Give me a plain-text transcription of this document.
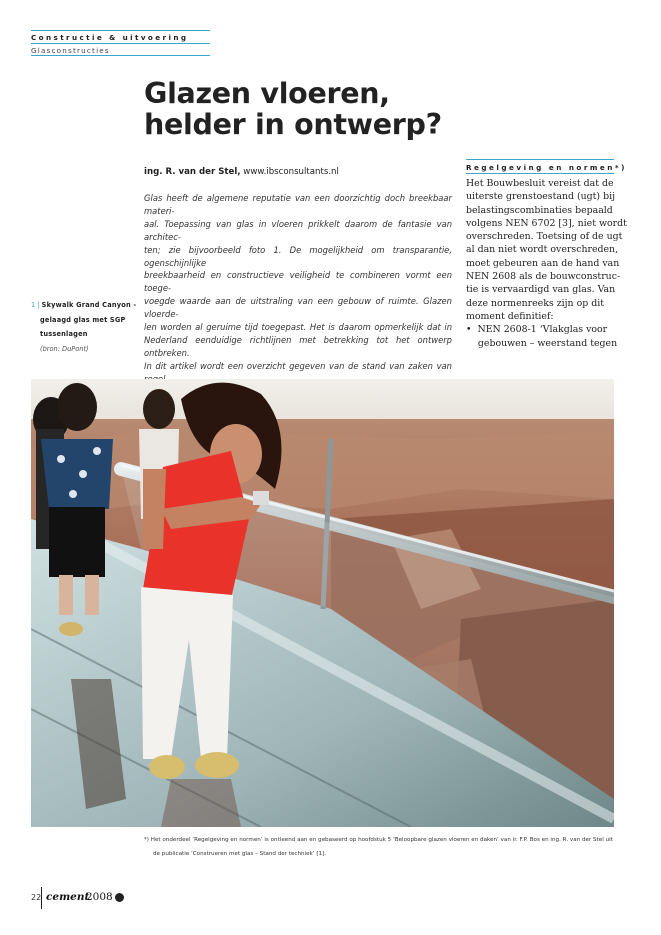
Constructie & uitvoering
Glasconstructies
Glazen vloeren,
helder in ontwerp?
ing. R. van der Stel, www.ibsconsultants.nl
Glas heeft de algemene reputatie van een doorzichtig doch breekbaar materi-
aal. Toepassing van glas in vloeren prikkelt daarom de fantasie van architec-
ten; zie bijvoorbeeld foto 1. De mogelijkheid om transparantie, ogenschijnlijke
breekbaarheid en constructieve veiligheid te combineren vormt een toege-
voegde waarde aan de uitstraling van een gebouw of ruimte. Glazen vloerde-
len worden al geruime tijd toegepast. Het is daarom opmerkelijk dat in
Nederland eenduidige richtlijnen met betrekking tot het ontwerp ontbreken.
In dit artikel wordt een overzicht gegeven van de stand van zaken van
1 | Skywalk Grand Canyon -
gelaagd glas met SGP
tussenlagen
(bron: DuPont)
Regelgeving en normen*)
Het Bouwbesluit vereist dat de
uiterste grenstoestand (ugt) bij
belastingscombinaties bepaald
volgens NEN 6702 [3], niet wordt
overschreden. Toetsing of de ugt
al dan niet wordt overschreden,
moet gebeuren aan de hand van
NEN 2608 als de bouwconstruc-
tie is vervaardigd van glas. Van
deze normenreeks zijn op dit
moment definitief:
•  NEN 2608-1 ‘Vlakglas voor
gebouwen – weerstand tegen
*) Het onderdeel ‘Regelgeving en normen’ is ontleend aan en gebaseerd op hoofdstuk 5 ‘Beloopbare glazen vloeren en daken’ van ir. F.P. Bos en ing. R. van der Stel uit
de publicatie ‘Construeren met glas – Stand der techniek’ [1].
22 cement
2008
